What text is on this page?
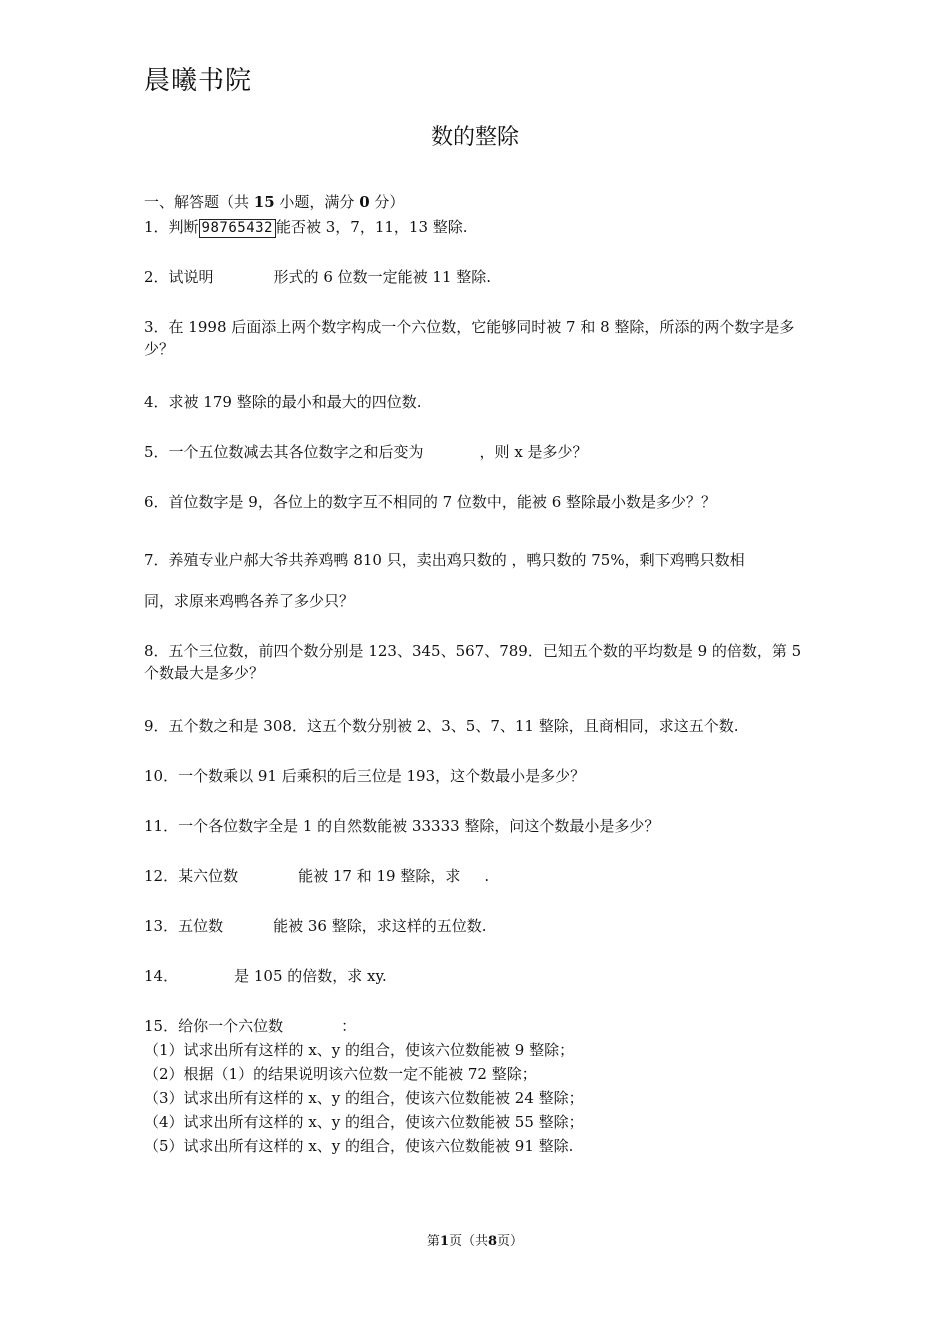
晨曦书院
数的整除
一、解答题（共 15 小题，满分 0 分）
1．判断 98765432 能否被 3，7，11，13 整除.
2．试说明	形式的 6 位数一定能被 11 整除.
3．在 1998 后面添上两个数字构成一个六位数，它能够同时被 7 和 8 整除，所添的两个数字是多少？
4．求被 179 整除的最小和最大的四位数.
5．一个五位数减去其各位数字之和后变为	，则 x 是多少？
6．首位数字是 9，各位上的数字互不相同的 7 位数中，能被 6 整除最小数是多少？？
7．养殖专业户郝大爷共养鸡鸭 810 只，卖出鸡只数的 ，鸭只数的 75%，剩下鸡鸭只数相
同，求原来鸡鸭各养了多少只？
8．五个三位数，前四个数分别是 123、345、567、789．已知五个数的平均数是 9 的倍数，第 5 个数最大是多少？
9．五个数之和是 308．这五个数分别被 2、3、5、7、11 整除，且商相同，求这五个数.
10．一个数乘以 91 后乘积的后三位是 193，这个数最小是多少？
11．一个各位数字全是 1 的自然数能被 33333 整除，问这个数最小是多少？
12．某六位数	能被 17 和 19 整除，求 .
13．五位数	能被 36 整除，求这样的五位数.
14．	是 105 的倍数，求 xy.
15．给你一个六位数	：
（1）试求出所有这样的 x、y 的组合，使该六位数能被 9 整除；
（2）根据（1）的结果说明该六位数一定不能被 72 整除；
（3）试求出所有这样的 x、y 的组合，使该六位数能被 24 整除；
（4）试求出所有这样的 x、y 的组合，使该六位数能被 55 整除；
（5）试求出所有这样的 x、y 的组合，使该六位数能被 91 整除.
第1页（共8页）
